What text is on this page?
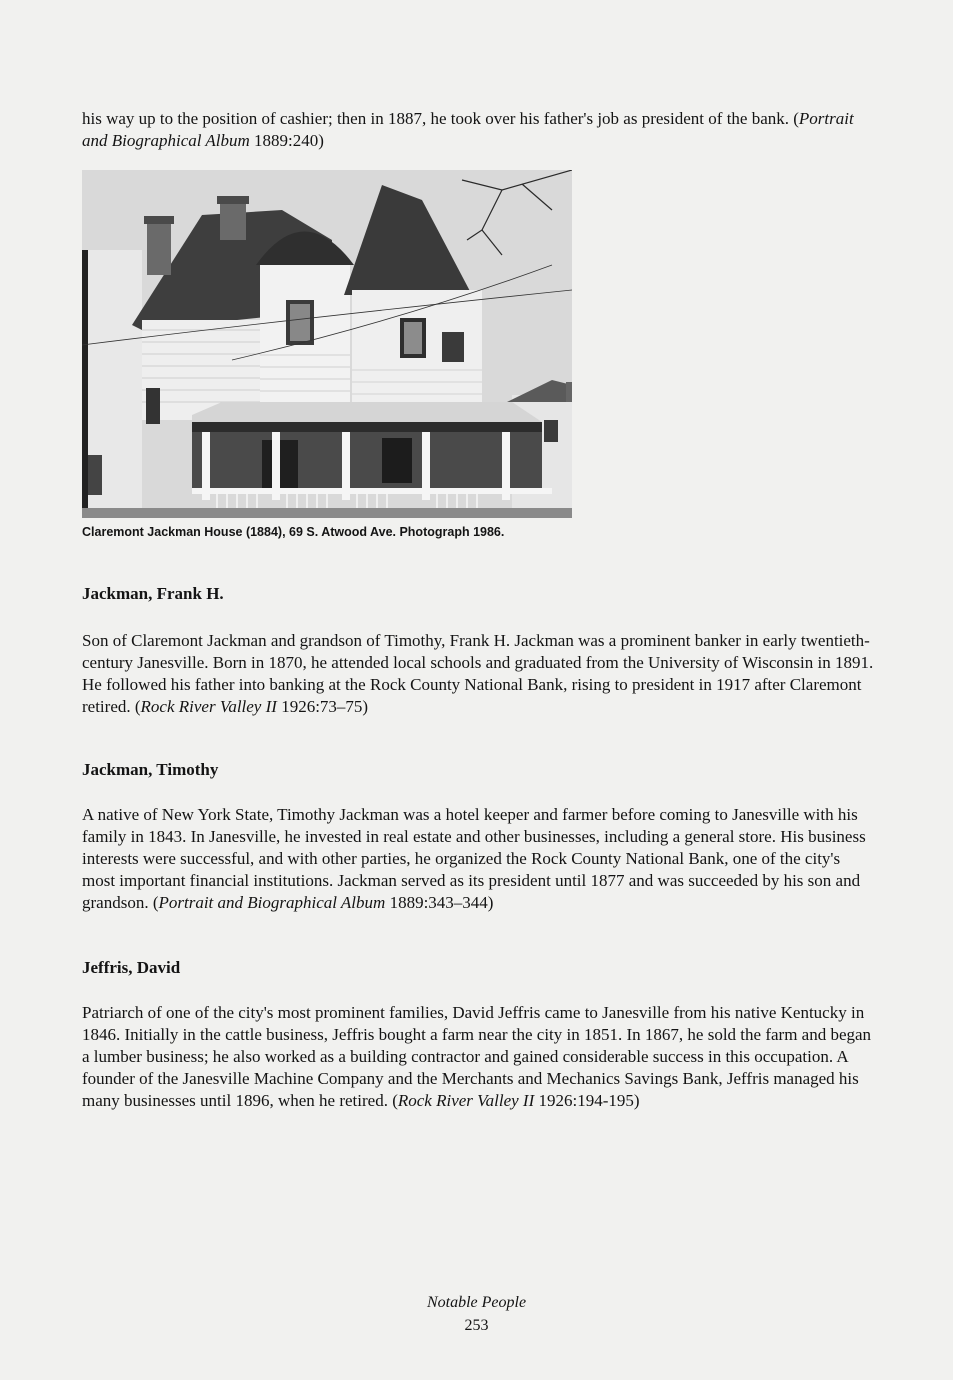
his way up to the position of cashier; then in 1887, he took over his father's job as president of the bank. (Portrait and Biographical Album 1889:240)

Claremont Jackman House (1884), 69 S. Atwood Ave. Photograph 1986.

Jackman, Frank H.

Son of Claremont Jackman and grandson of Timothy, Frank H. Jackman was a prominent banker in early twentieth-century Janesville. Born in 1870, he attended local schools and graduated from the University of Wisconsin in 1891. He followed his father into banking at the Rock County National Bank, rising to president in 1917 after Claremont retired. (Rock River Valley II 1926:73–75)

Jackman, Timothy

A native of New York State, Timothy Jackman was a hotel keeper and farmer before coming to Janesville with his family in 1843. In Janesville, he invested in real estate and other businesses, including a general store. His business interests were successful, and with other parties, he organized the Rock County National Bank, one of the city's most important financial institutions. Jackman served as its president until 1877 and was succeeded by his son and grandson. (Portrait and Biographical Album 1889:343–344)

Jeffris, David

Patriarch of one of the city's most prominent families, David Jeffris came to Janesville from his native Kentucky in 1846. Initially in the cattle business, Jeffris bought a farm near the city in 1851. In 1867, he sold the farm and began a lumber business; he also worked as a building contractor and gained considerable success in this occupation. A founder of the Janesville Machine Company and the Merchants and Mechanics Savings Bank, Jeffris managed his many businesses until 1896, when he retired. (Rock River Valley II 1926:194-195)

Notable People

253
